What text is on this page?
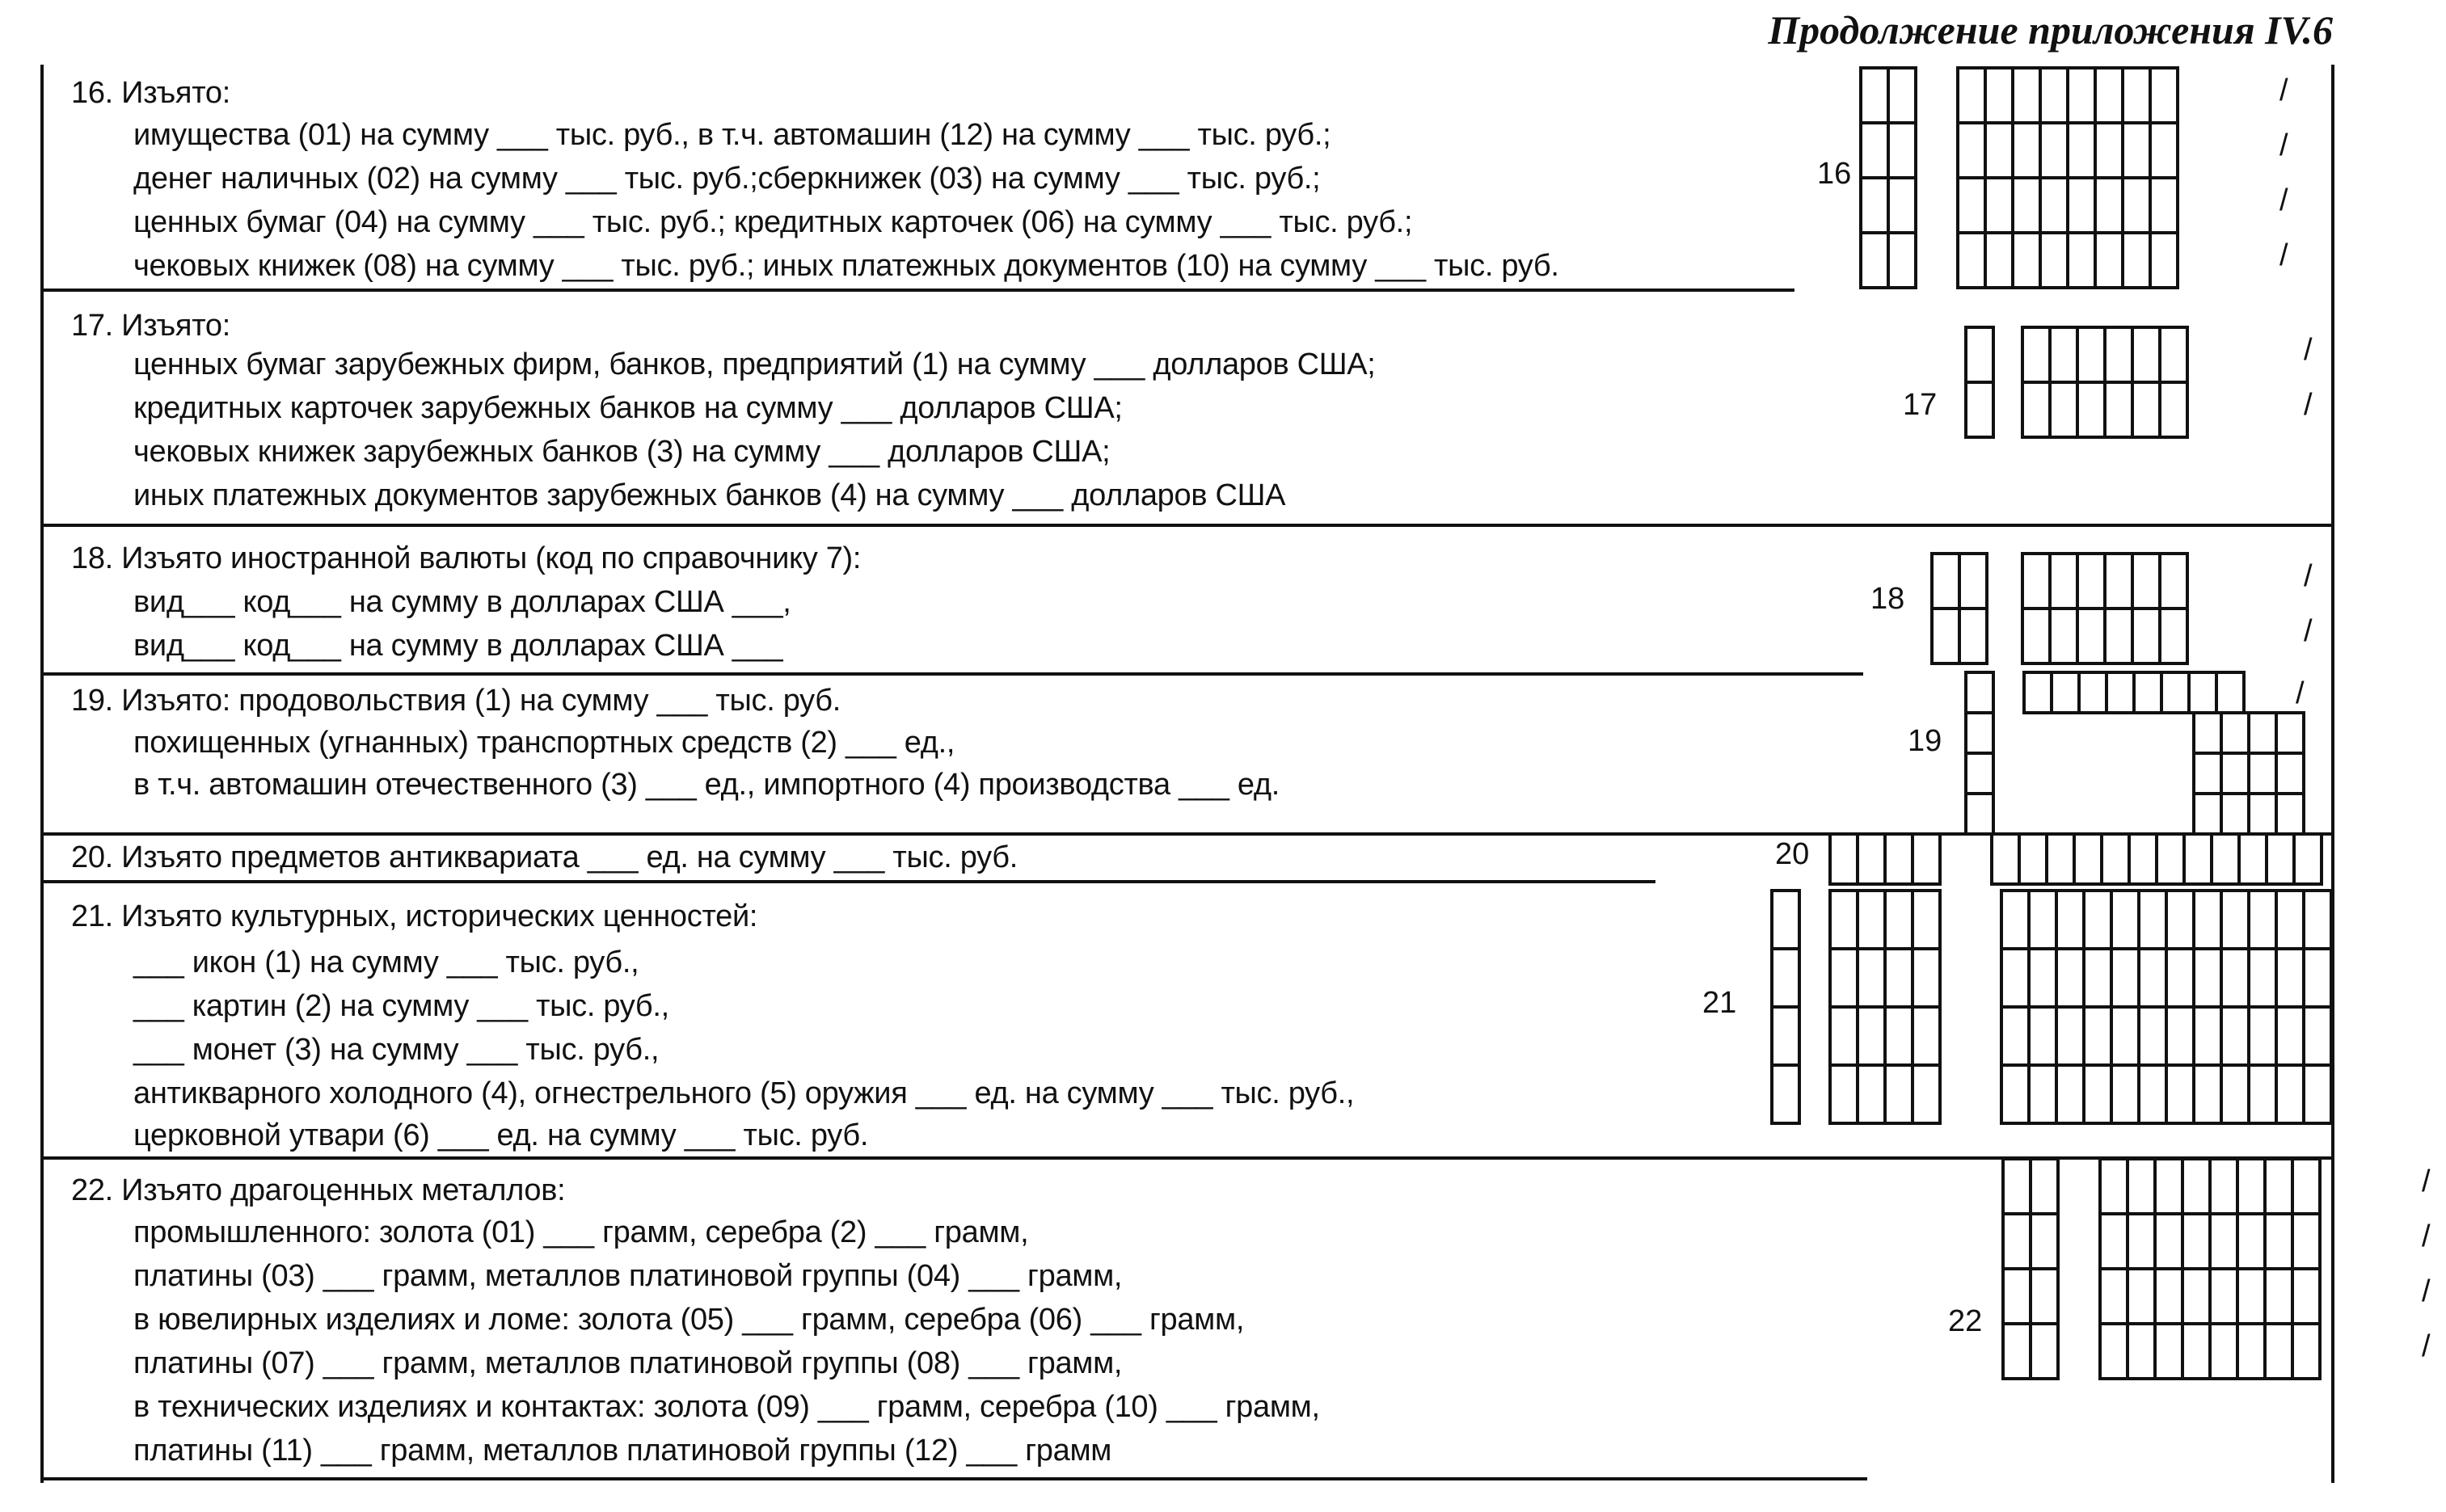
Продолжение приложения IV.6
16. Изъято:
имущества (01) на сумму ___ тыс. руб., в т.ч. автомашин (12) на сумму ___ тыс. руб.;
денег наличных (02) на сумму ___ тыс. руб.;сберкнижек (03) на сумму ___ тыс. руб.;
ценных бумаг (04) на сумму ___ тыс. руб.; кредитных карточек (06) на сумму ___ тыс. руб.;
чековых книжек (08) на сумму ___ тыс. руб.; иных платежных документов (10) на сумму ___ тыс. руб.
16
/
/
/
/
17. Изъято:
ценных бумаг зарубежных фирм, банков, предприятий (1) на сумму ___ долларов США;
кредитных карточек зарубежных банков на сумму ___ долларов США;
чековых книжек зарубежных банков (3) на сумму ___ долларов США;
иных платежных документов зарубежных банков (4) на сумму ___ долларов США
17
/
/
18. Изъято иностранной валюты (код по справочнику 7):
вид___ код___ на сумму в долларах США ___,
вид___ код___ на сумму в долларах США ___
18
/
/
19. Изъято: продовольствия (1) на сумму ___ тыс. руб.
похищенных (угнанных) транспортных средств (2) ___ ед.,
в т.ч. автомашин отечественного (3) ___ ед., импортного (4) производства ___ ед.
19
/
20. Изъято предметов антиквариата ___ ед. на сумму ___ тыс. руб.	20
21. Изъято культурных, исторических ценностей:
___ икон (1) на сумму ___ тыс. руб.,
___ картин (2) на сумму ___ тыс. руб.,
___ монет (3) на сумму ___ тыс. руб.,
антикварного холодного (4), огнестрельного (5) оружия ___ ед. на сумму ___ тыс. руб.,
церковной утвари (6) ___ ед. на сумму ___ тыс. руб.
21
22. Изъято драгоценных металлов:
промышленного: золота (01) ___ грамм, серебра (2) ___ грамм,
платины (03) ___ грамм, металлов платиновой группы (04) ___ грамм,
в ювелирных изделиях и ломе: золота (05) ___ грамм, серебра (06) ___ грамм,
платины (07) ___ грамм, металлов платиновой группы (08) ___ грамм,
в технических изделиях и контактах: золота (09) ___ грамм, серебра (10) ___ грамм,
платины (11) ___ грамм, металлов платиновой группы (12) ___ грамм
22
/
/
/
/
